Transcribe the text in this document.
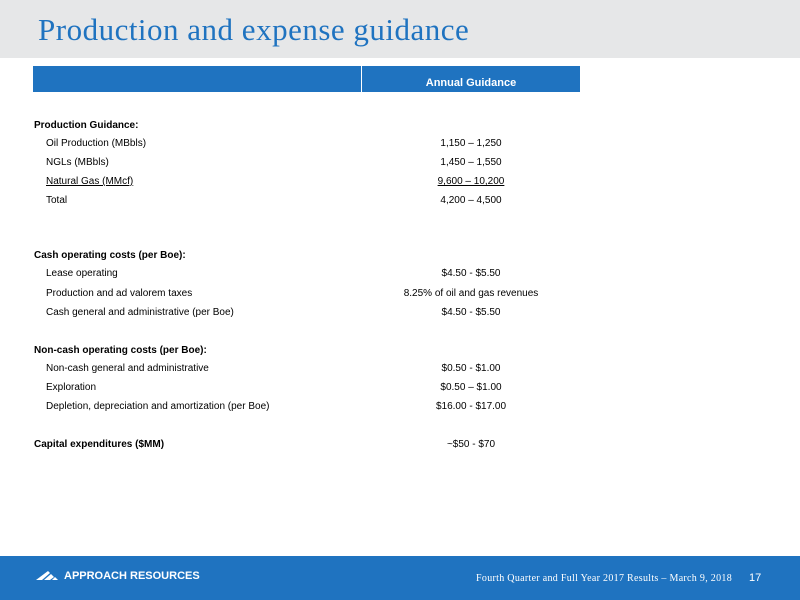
Production and expense guidance
Annual Guidance
Production Guidance:
Oil Production (MBbls)	1,150 – 1,250
NGLs (MBbls)	1,450 – 1,550
Natural Gas (MMcf)	9,600 – 10,200
Total	4,200 – 4,500
Cash operating costs (per Boe):
Lease operating	$4.50 - $5.50
Production and ad valorem taxes	8.25% of oil and gas revenues
Cash general and administrative (per Boe)	$4.50 - $5.50
Non-cash operating costs (per Boe):
Non-cash general and administrative	$0.50 - $1.00
Exploration	$0.50 – $1.00
Depletion, depreciation and amortization (per Boe)	$16.00 - $17.00
Capital expenditures ($MM)	~$50 - $70
APPROACH RESOURCES	Fourth Quarter and Full Year 2017 Results – March 9, 2018 17
